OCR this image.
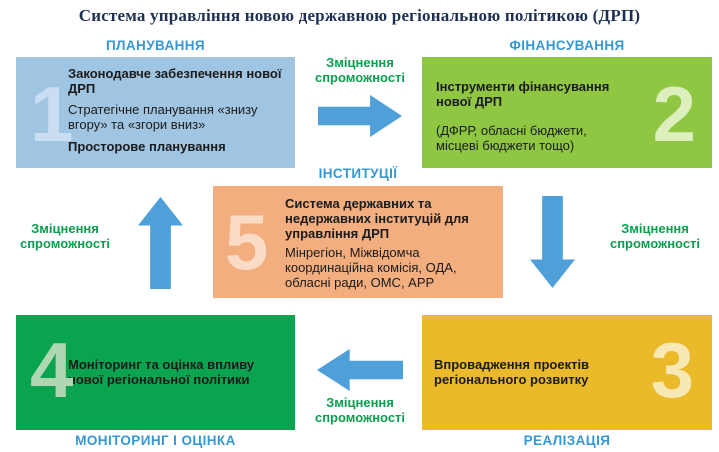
Система управління новою державною регіональною політикою (ДРП)
ПЛАНУВАННЯ	ФІНАНСУВАННЯ
ІНСТИТУЦІЇ
МОНІТОРИНГ І ОЦІНКА	РЕАЛІЗАЦІЯ
1

Законодавче забезпечення нової ДРП

Стратегічне планування «знизу вгору» та «згори вниз»

Просторове планування	2

Інструменти фінансування нової ДРП

(ДФРР, обласні бюджети, місцеві бюджети тощо)

5 Система державних та недержавних інституцій для управління ДРП

Мінрегіон, Міжвідомча координаційна комісія, ОДА, обласні ради, ОМС, АРР

4

Моніторинг та оцінка впливу нової регіональної політики	3

Впровадження проектів регіонального розвитку

Зміцнення спроможності
Зміцнення спроможності
Зміцнення спроможності
Зміцнення спроможності
